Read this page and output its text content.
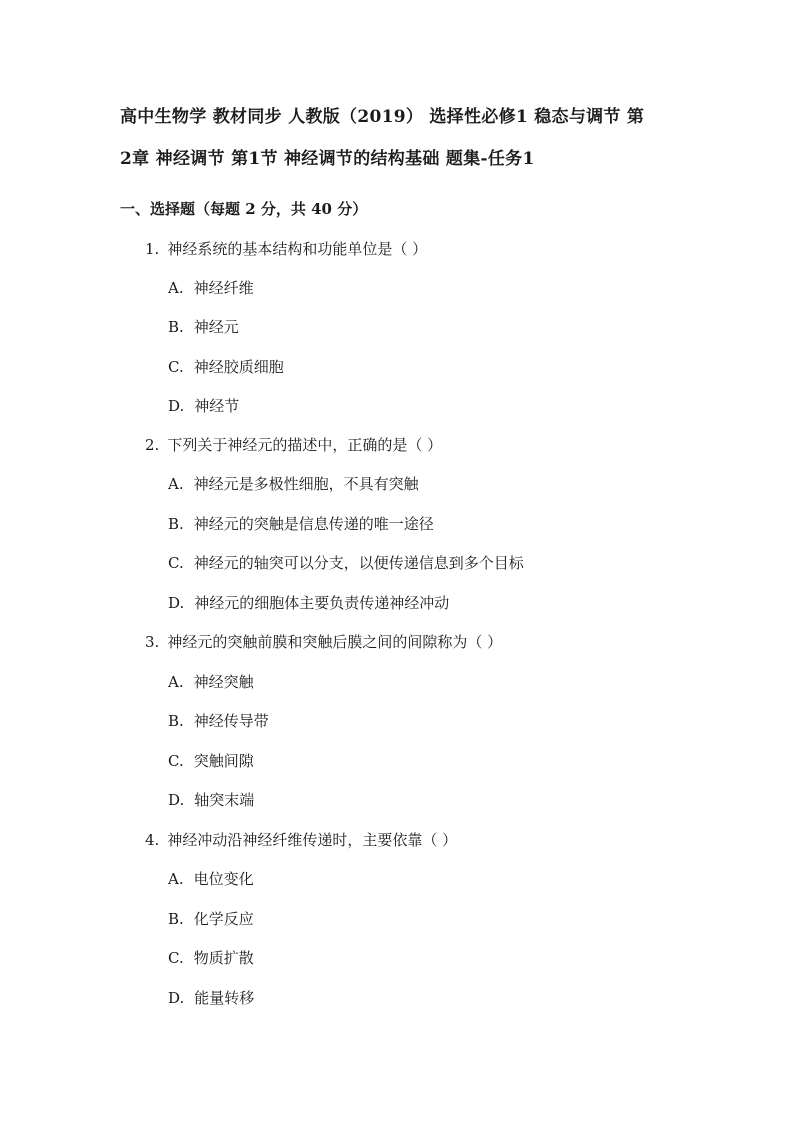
高中生物学 教材同步 人教版（2019） 选择性必修1 稳态与调节 第
2章 神经调节 第1节 神经调节的结构基础 题集-任务1
一、选择题（每题 2 分，共 40 分）
1. 神经系统的基本结构和功能单位是（ ）
A. 神经纤维
B. 神经元
C. 神经胶质细胞
D. 神经节
2. 下列关于神经元的描述中，正确的是（ ）
A. 神经元是多极性细胞，不具有突触
B. 神经元的突触是信息传递的唯一途径
C. 神经元的轴突可以分支，以便传递信息到多个目标
D. 神经元的细胞体主要负责传递神经冲动
3. 神经元的突触前膜和突触后膜之间的间隙称为（ ）
A. 神经突触
B. 神经传导带
C. 突触间隙
D. 轴突末端
4. 神经冲动沿神经纤维传递时，主要依靠（ ）
A. 电位变化
B. 化学反应
C. 物质扩散
D. 能量转移
